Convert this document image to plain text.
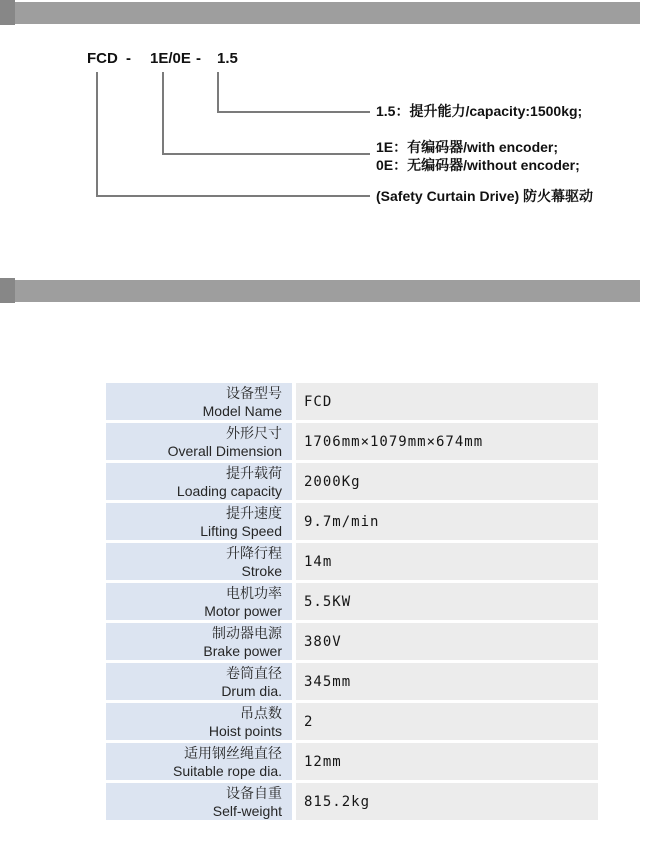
1 型号描述/Model  Description

FCD - 1E/0E - 1.5
1.5：提升能力/capacity:1500kg;
1E：有编码器/with encoder;
0E：无编码器/without encoder;
(Safety Curtain Drive) 防火幕驱动

2 规格说明/Specification

设备型号
Model Name
FCD
外形尺寸
Overall Dimension
1706mm×1079mm×674mm
提升载荷
Loading capacity
2000Kg
提升速度
Lifting Speed
9.7m/min
升降行程
Stroke
14m
电机功率
Motor power
5.5KW
制动器电源
Brake power
380V
卷筒直径
Drum dia.
345mm
吊点数
Hoist points
2
适用钢丝绳直径
Suitable rope dia.
12mm
设备自重
Self-weight
815.2kg
